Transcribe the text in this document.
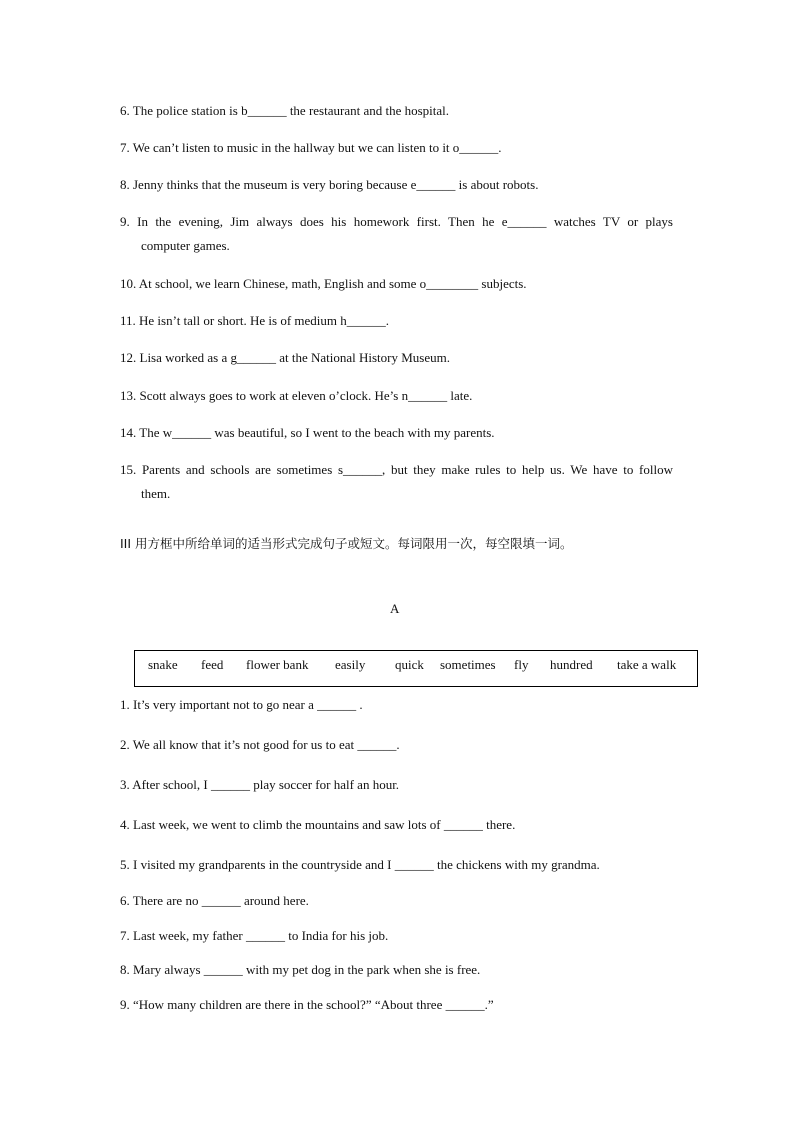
6. The police station is b______ the restaurant and the hospital.
7. We can’t listen to music in the hallway but we can listen to it o______.
8. Jenny thinks that the museum is very boring because e______ is about robots.
9. In the evening, Jim always does his homework first. Then he e______ watches TV or plays
computer games.
10. At school, we learn Chinese, math, English and some o________ subjects.
11. He isn’t tall or short. He is of medium h______.
12. Lisa worked as a g______ at the National History Museum.
13. Scott always goes to work at eleven o’clock. He’s n______ late.
14. The w______ was beautiful, so I went to the beach with my parents.
15. Parents and schools are sometimes s______, but they make rules to help us. We have to follow
them.
III 用方框中所给单词的适当形式完成句子或短文。每词限用一次，每空限填一词。
A
snake feed flower bank easily quick sometimes fly hundred take a walk
1. It’s very important not to go near a ______ .
2. We all know that it’s not good for us to eat ______.
3. After school, I ______ play soccer for half an hour.
4. Last week, we went to climb the mountains and saw lots of ______ there.
5. I visited my grandparents in the countryside and I ______ the chickens with my grandma.
6. There are no ______ around here.
7. Last week, my father ______ to India for his job.
8. Mary always ______ with my pet dog in the park when she is free.
9. “How many children are there in the school?” “About three ______.”
